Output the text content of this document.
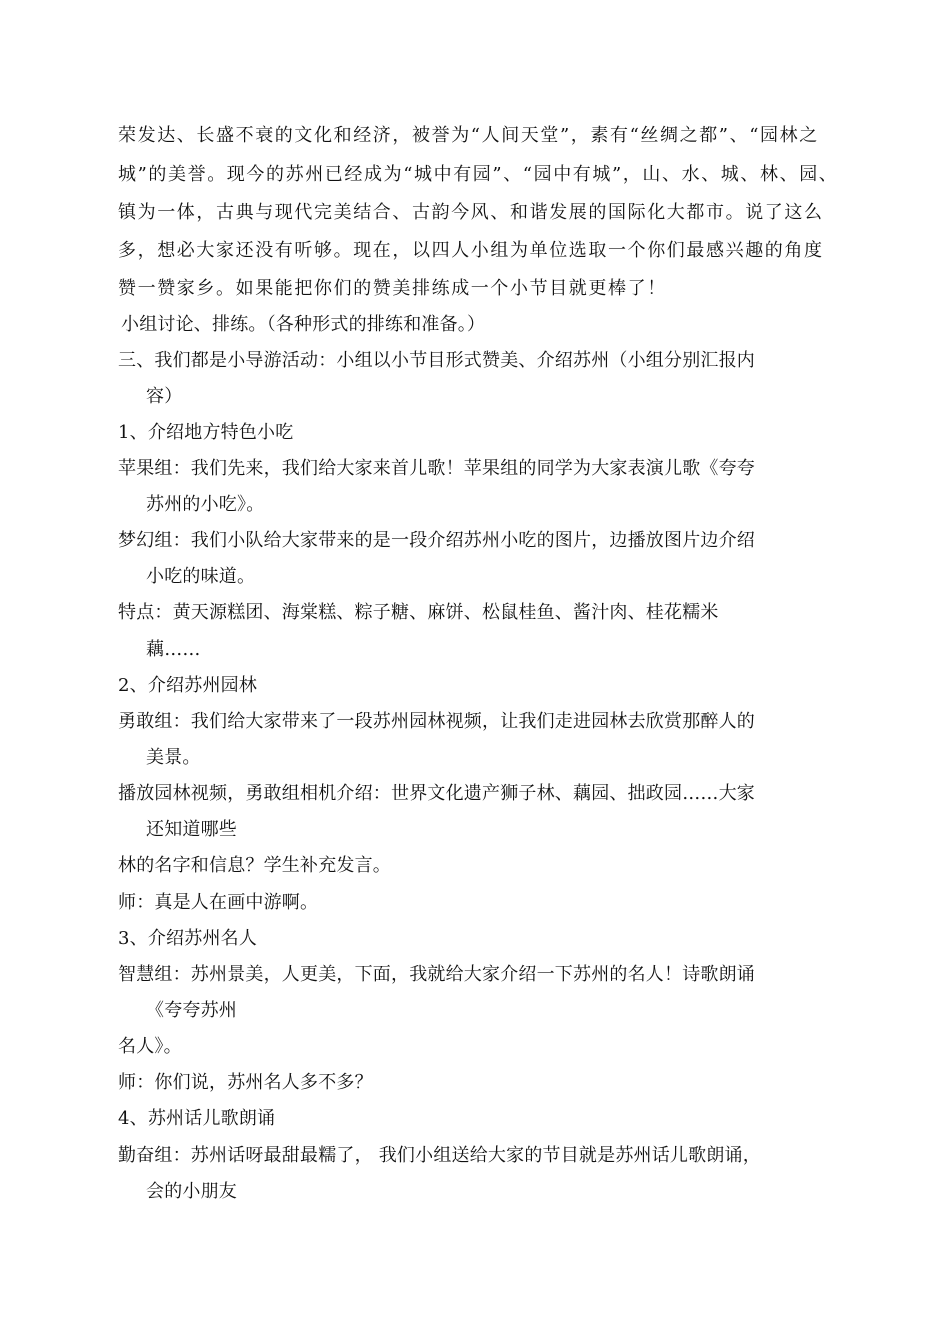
荣发达、长盛不衰的文化和经济，被誉为“人间天堂”，素有“丝绸之都”、“园林之
城”的美誉。现今的苏州已经成为“城中有园”、“园中有城”，山、水、城、林、园、
镇为一体，古典与现代完美结合、古韵今风、和谐发展的国际化大都市。说了这么
多，想必大家还没有听够。现在，以四人小组为单位选取一个你们最感兴趣的角度
赞一赞家乡。如果能把你们的赞美排练成一个小节目就更棒了！
小组讨论、排练。（各种形式的排练和准备。）
三、我们都是小导游活动：小组以小节目形式赞美、介绍苏州（小组分别汇报内
容）
1、介绍地方特色小吃
苹果组：我们先来，我们给大家来首儿歌！苹果组的同学为大家表演儿歌《夸夸
苏州的小吃》。
梦幻组：我们小队给大家带来的是一段介绍苏州小吃的图片，边播放图片边介绍
小吃的味道。
特点：黄天源糕团、海棠糕、粽子糖、麻饼、松鼠桂鱼、酱汁肉、桂花糯米
藕……
2、介绍苏州园林
勇敢组：我们给大家带来了一段苏州园林视频，让我们走进园林去欣赏那醉人的
美景。
播放园林视频，勇敢组相机介绍：世界文化遗产狮子林、藕园、拙政园……大家
还知道哪些
林的名字和信息？学生补充发言。
师：真是人在画中游啊。
3、介绍苏州名人
智慧组：苏州景美，人更美，下面，我就给大家介绍一下苏州的名人！诗歌朗诵
《夸夸苏州
名人》。
师：你们说，苏州名人多不多？
4、苏州话儿歌朗诵
勤奋组：苏州话呀最甜最糯了， 我们小组送给大家的节目就是苏州话儿歌朗诵，
会的小朋友
